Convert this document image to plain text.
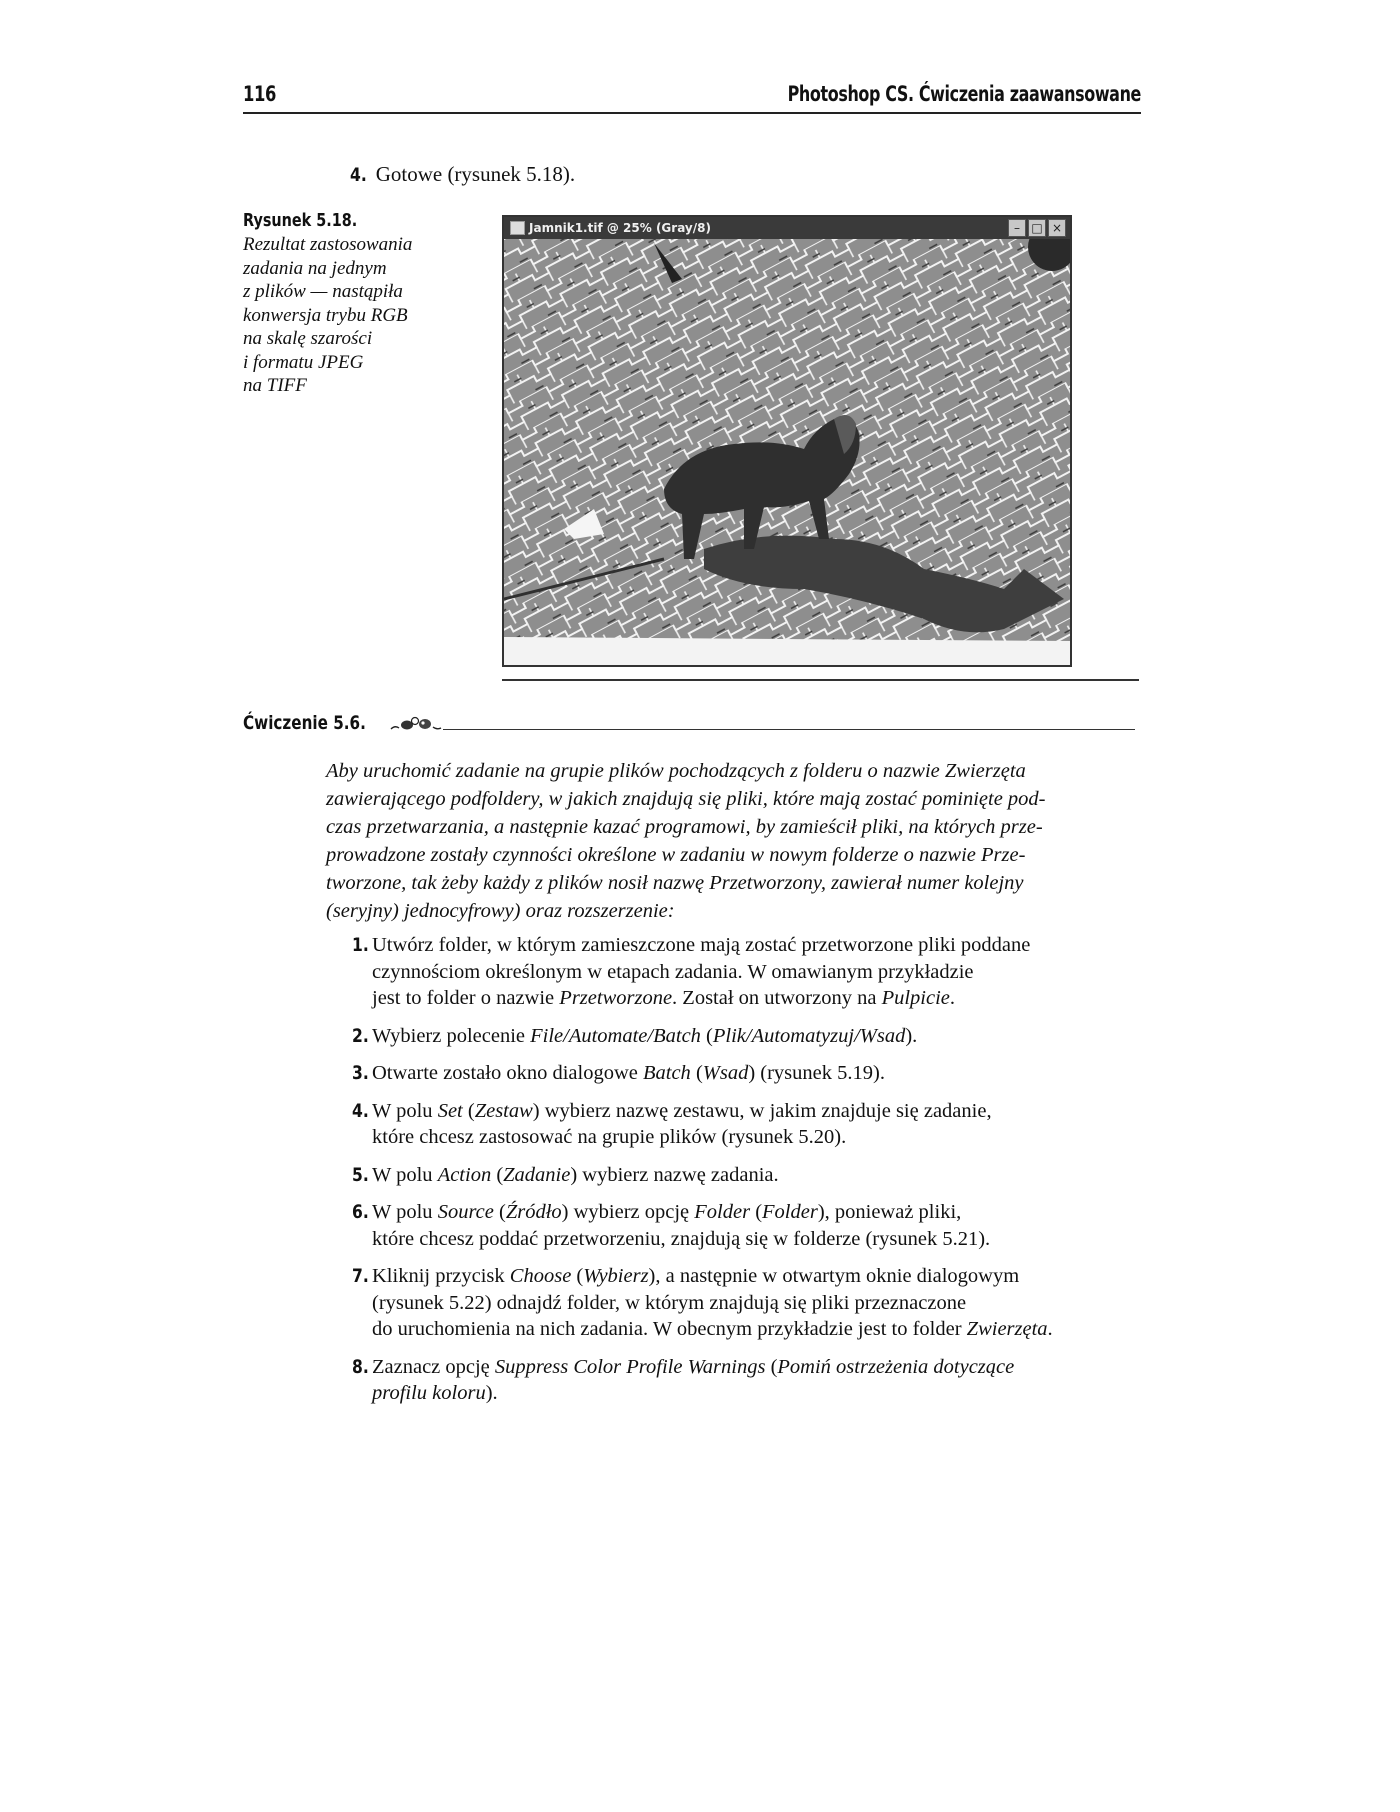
116	Photoshop CS. Ćwiczenia zaawansowane
4. Gotowe (rysunek 5.18).
Rysunek 5.18.

Rezultat zastosowania
zadania na jednym
z plików — nastąpiła
konwersja trybu RGB
na skalę szarości
i formatu JPEG
na TIFF

Jamnik1.tif @ 25% (Gray/8)	– □ ×
Ćwiczenie 5.6.

Aby uruchomić zadanie na grupie plików pochodzących z folderu o nazwie Zwierzęta
zawierającego podfoldery, w jakich znajdują się pliki, które mają zostać pominięte pod-
czas przetwarzania, a następnie kazać programowi, by zamieścił pliki, na których prze-
prowadzone zostały czynności określone w zadaniu w nowym folderze o nazwie Prze-
tworzone, tak żeby każdy z plików nosił nazwę Przetworzony, zawierał numer kolejny
(seryjny) jednocyfrowy) oraz rozszerzenie:

1. Utwórz folder, w którym zamieszczone mają zostać przetworzone pliki poddane
czynnościom określonym w etapach zadania. W omawianym przykładzie
jest to folder o nazwie Przetworzone. Został on utworzony na Pulpicie.
2. Wybierz polecenie File/Automate/Batch (Plik/Automatyzuj/Wsad).
3. Otwarte zostało okno dialogowe Batch (Wsad) (rysunek 5.19).
4. W polu Set (Zestaw) wybierz nazwę zestawu, w jakim znajduje się zadanie,
które chcesz zastosować na grupie plików (rysunek 5.20).
5. W polu Action (Zadanie) wybierz nazwę zadania.
6. W polu Source (Źródło) wybierz opcję Folder (Folder), ponieważ pliki,
które chcesz poddać przetworzeniu, znajdują się w folderze (rysunek 5.21).
7. Kliknij przycisk Choose (Wybierz), a następnie w otwartym oknie dialogowym
(rysunek 5.22) odnajdź folder, w którym znajdują się pliki przeznaczone
do uruchomienia na nich zadania. W obecnym przykładzie jest to folder Zwierzęta.
8. Zaznacz opcję Suppress Color Profile Warnings (Pomiń ostrzeżenia dotyczące
profilu koloru).
